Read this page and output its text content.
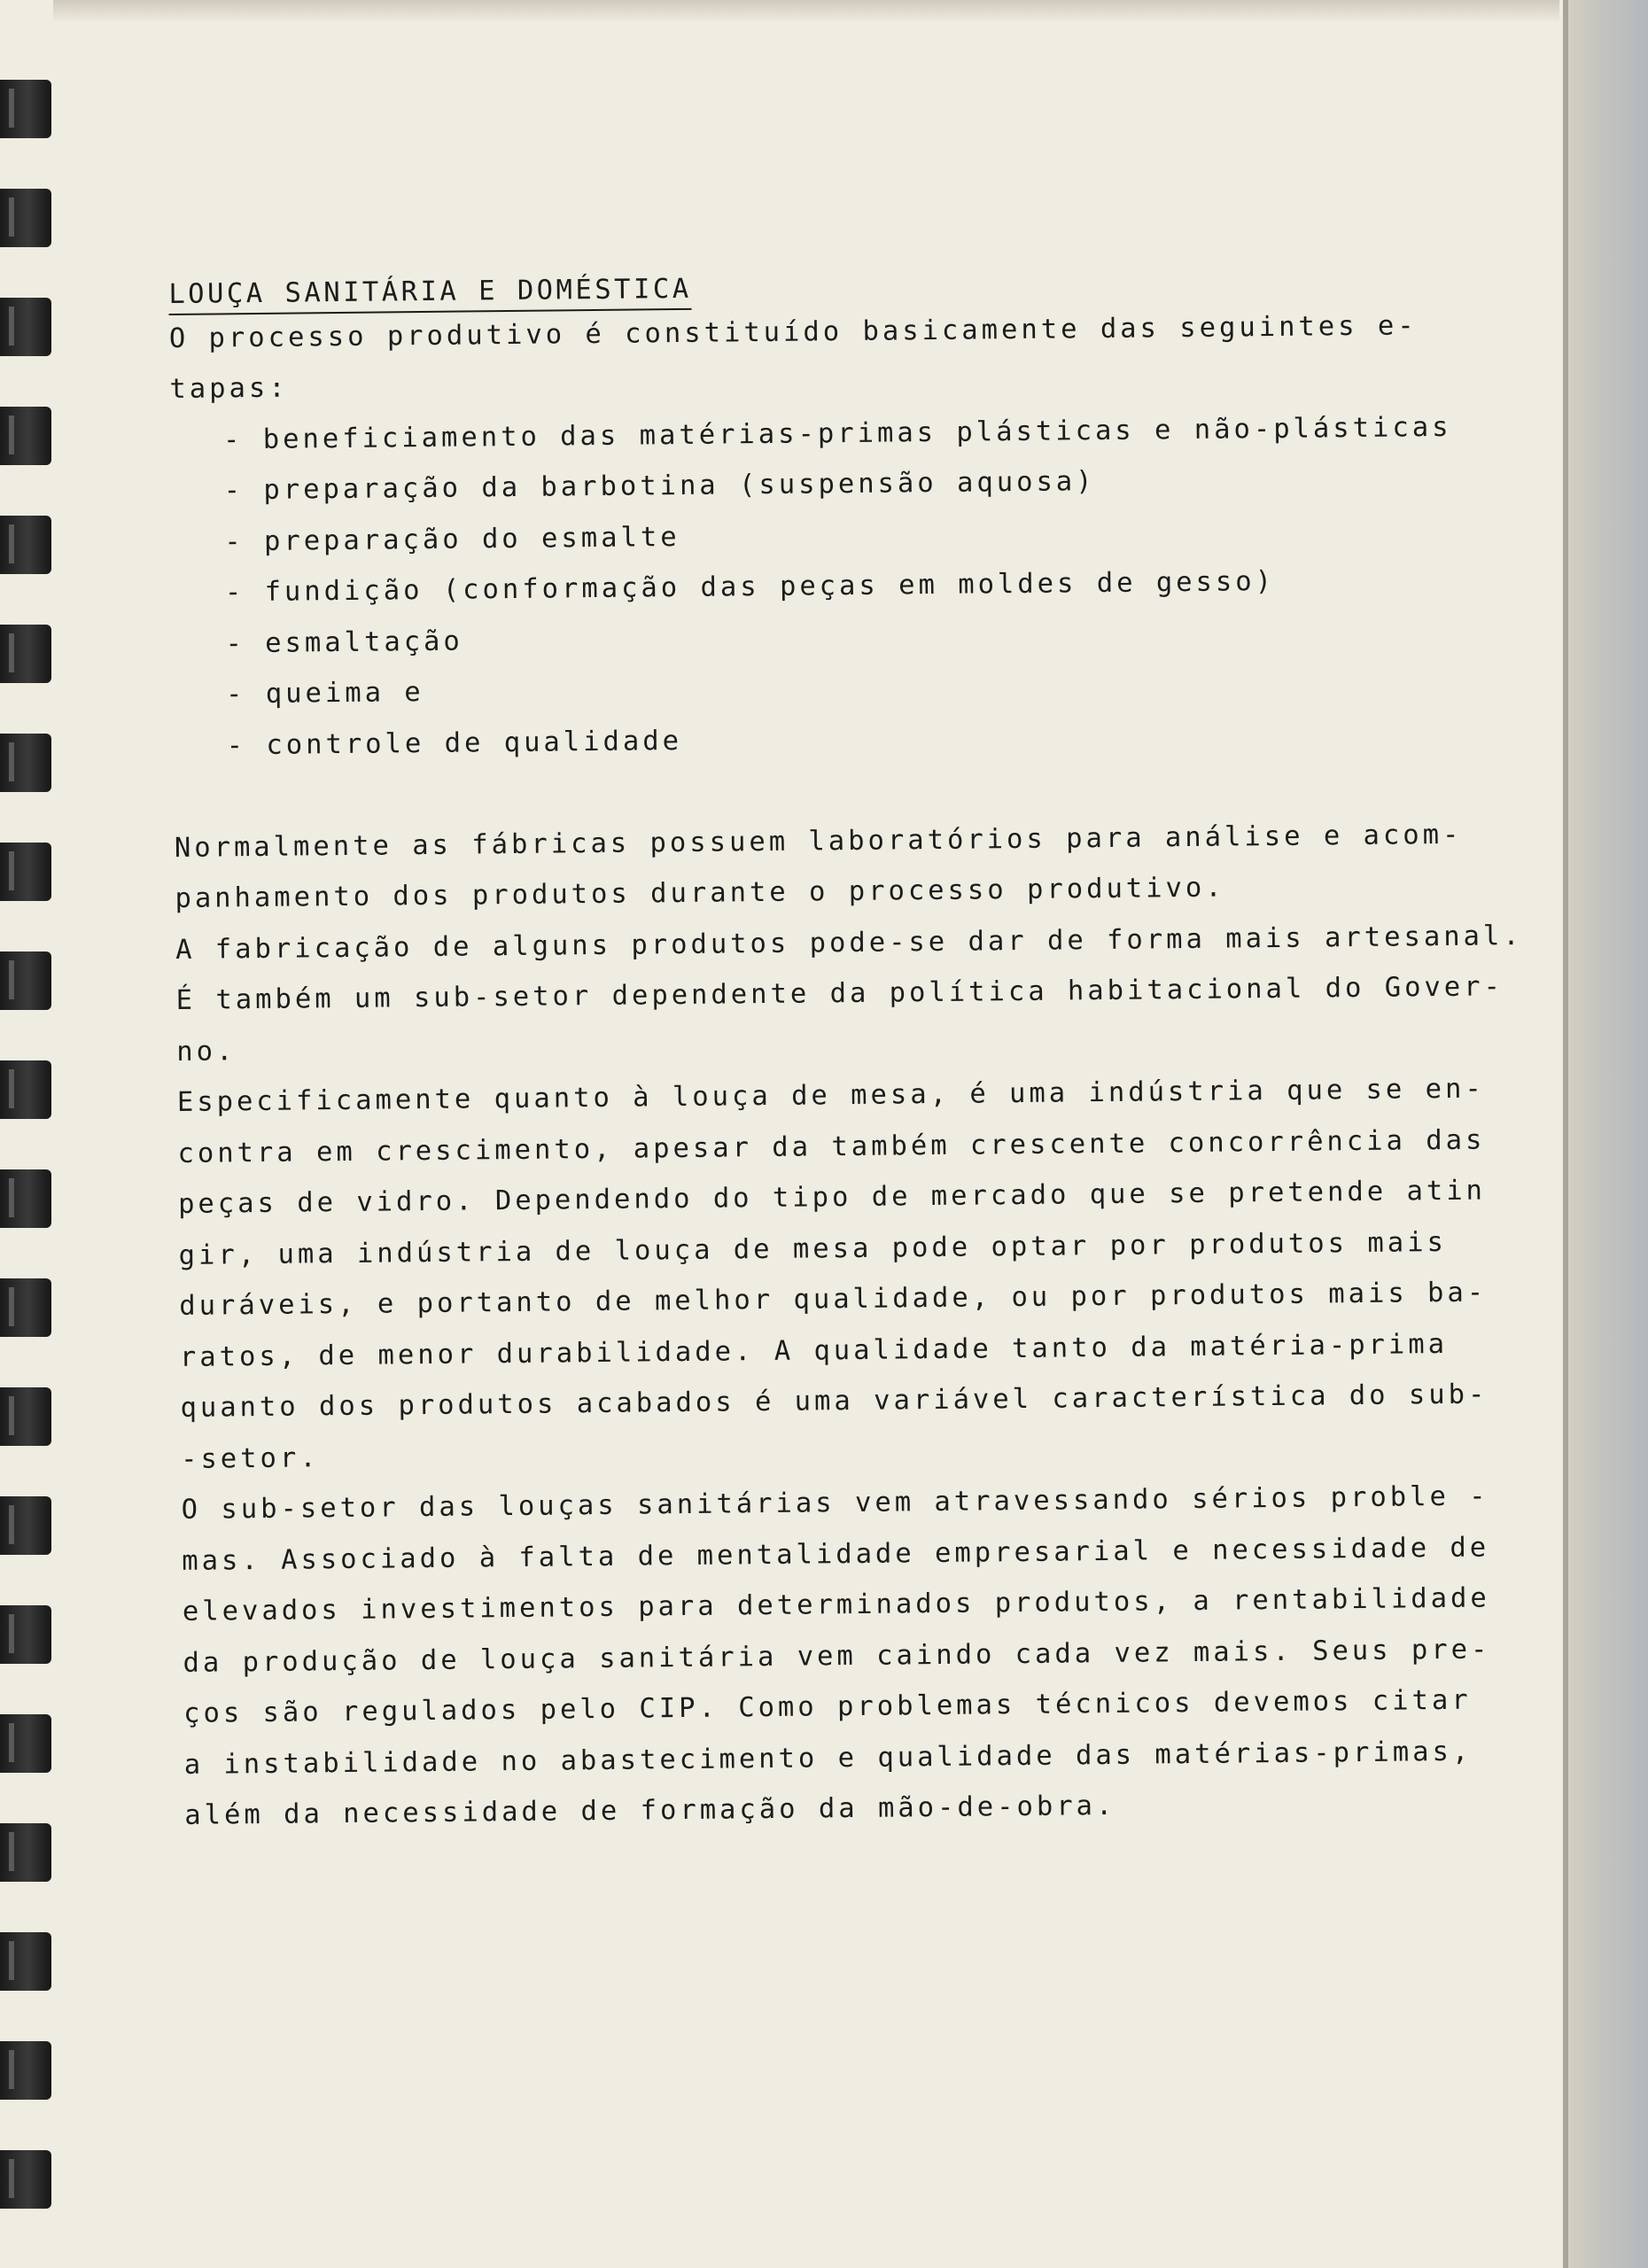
LOUÇA SANITÁRIA E DOMÉSTICA
O processo produtivo é constituído basicamente das seguintes e-
tapas:
- beneficiamento das matérias-primas plásticas e não-plásticas
- preparação da barbotina (suspensão aquosa)
- preparação do esmalte
- fundição (conformação das peças em moldes de gesso)
- esmaltação
- queima e
- controle de qualidade
Normalmente as fábricas possuem laboratórios para análise e acom-
panhamento dos produtos durante o processo produtivo.
A fabricação de alguns produtos pode-se dar de forma mais artesanal.
É também um sub-setor dependente da política habitacional do Gover-
no.
Especificamente quanto à louça de mesa, é uma indústria que se en-
contra em crescimento, apesar da também crescente concorrência das
peças de vidro. Dependendo do tipo de mercado que se pretende atin
gir, uma indústria de louça de mesa pode optar por produtos mais
duráveis, e portanto de melhor qualidade, ou por produtos mais ba-
ratos, de menor durabilidade. A qualidade tanto da matéria-prima
quanto dos produtos acabados é uma variável característica do sub-
-setor.
O sub-setor das louças sanitárias vem atravessando sérios proble -
mas. Associado à falta de mentalidade empresarial e necessidade de
elevados investimentos para determinados produtos, a rentabilidade
da produção de louça sanitária vem caindo cada vez mais. Seus pre-
ços são regulados pelo CIP. Como problemas técnicos devemos citar
a instabilidade no abastecimento e qualidade das matérias-primas,
além da necessidade de formação da mão-de-obra.
